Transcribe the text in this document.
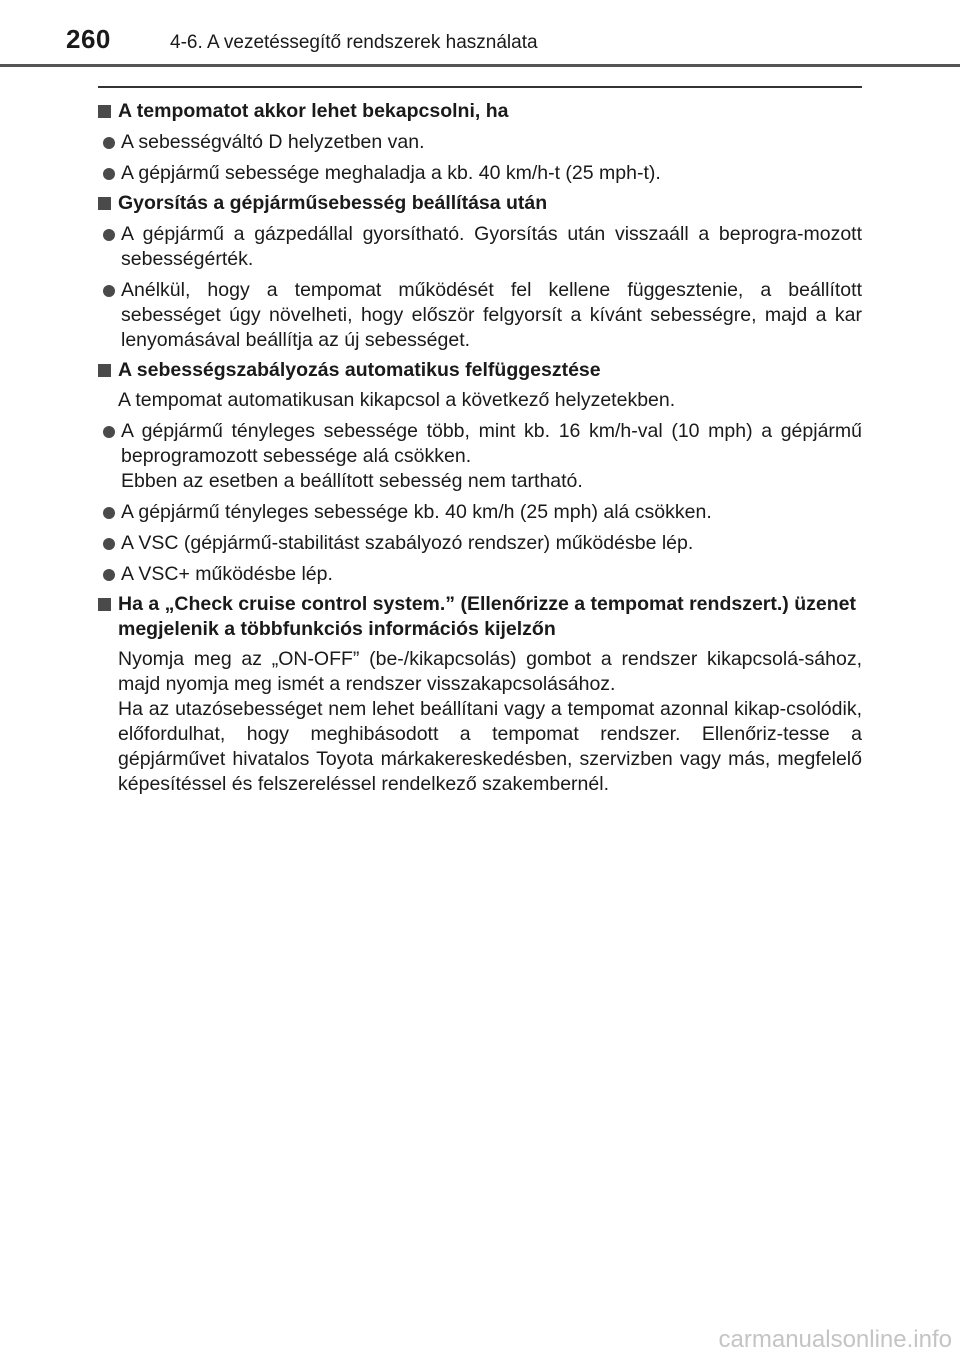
260	4-6. A vezetéssegítő rendszerek használata
A tempomatot akkor lehet bekapcsolni, ha
A sebességváltó D helyzetben van.
A gépjármű sebessége meghaladja a kb. 40 km/h-t (25 mph-t).
Gyorsítás a gépjárműsebesség beállítása után
A gépjármű a gázpedállal gyorsítható. Gyorsítás után visszaáll a beprogra-mozott sebességérték.
Anélkül, hogy a tempomat működését fel kellene függesztenie, a beállított sebességet úgy növelheti, hogy először felgyorsít a kívánt sebességre, majd a kar lenyomásával beállítja az új sebességet.
A sebességszabályozás automatikus felfüggesztése
A tempomat automatikusan kikapcsol a következő helyzetekben.
A gépjármű tényleges sebessége több, mint kb. 16 km/h-val (10 mph) a gépjármű beprogramozott sebessége alá csökken.
Ebben az esetben a beállított sebesség nem tartható.
A gépjármű tényleges sebessége kb. 40 km/h (25 mph) alá csökken.
A VSC (gépjármű-stabilitást szabályozó rendszer) működésbe lép.
A VSC+ működésbe lép.
Ha a „Check cruise control system.” (Ellenőrizze a tempomat rendszert.) üzenet megjelenik a többfunkciós információs kijelzőn
Nyomja meg az „ON-OFF” (be-/kikapcsolás) gombot a rendszer kikapcsolá-sához, majd nyomja meg ismét a rendszer visszakapcsolásához.
Ha az utazósebességet nem lehet beállítani vagy a tempomat azonnal kikap-csolódik, előfordulhat, hogy meghibásodott a tempomat rendszer. Ellenőriz-tesse a gépjárművet hivatalos Toyota márkakereskedésben, szervizben vagy más, megfelelő képesítéssel és felszereléssel rendelkező szakembernél.
carmanualsonline.info
